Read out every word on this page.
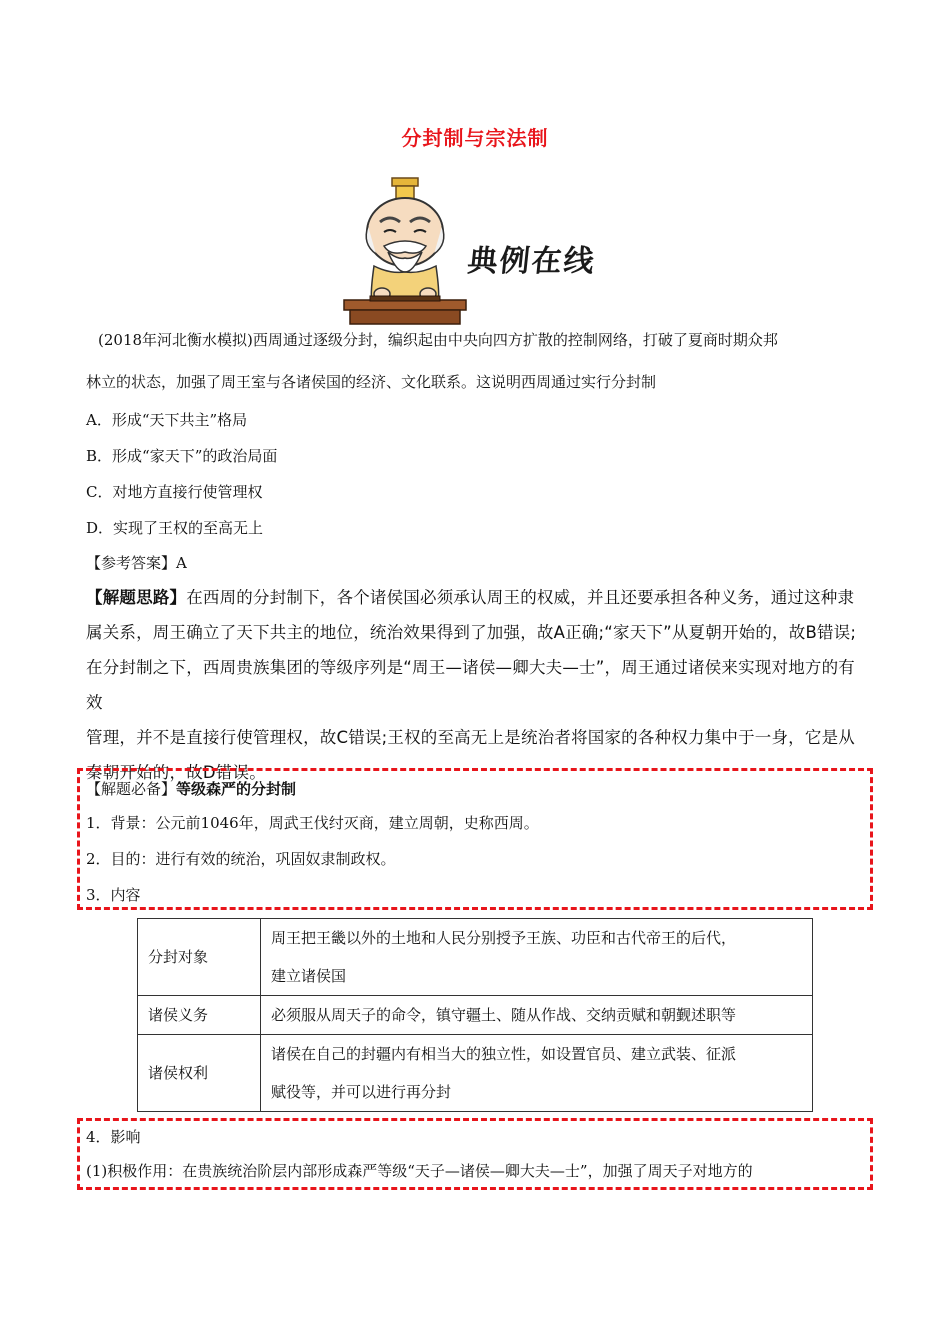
分封制与宗法制
典例在线
(2018年河北衡水模拟)西周通过逐级分封，编织起由中央向四方扩散的控制网络，打破了夏商时期众邦
林立的状态，加强了周王室与各诸侯国的经济、文化联系。这说明西周通过实行分封制
A．形成“天下共主”格局
B．形成“家天下”的政治局面
C．对地方直接行使管理权
D．实现了王权的至高无上
【参考答案】A
【解题思路】在西周的分封制下，各个诸侯国必须承认周王的权威，并且还要承担各种义务，通过这种隶
属关系，周王确立了天下共主的地位，统治效果得到了加强，故A正确;“家天下”从夏朝开始的，故B错误;
在分封制之下，西周贵族集团的等级序列是“周王—诸侯—卿大夫—士”，周王通过诸侯来实现对地方的有效
管理，并不是直接行使管理权，故C错误;王权的至高无上是统治者将国家的各种权力集中于一身，它是从
秦朝开始的，故D错误。
【解题必备】等级森严的分封制
1．背景：公元前1046年，周武王伐纣灭商，建立周朝，史称西周。
2．目的：进行有效的统治，巩固奴隶制政权。
3．内容
分封对象	周王把王畿以外的土地和人民分别授予王族、功臣和古代帝王的后代，
建立诸侯国

诸侯义务	必须服从周天子的命令，镇守疆土、随从作战、交纳贡赋和朝觐述职等
诸侯权利	诸侯在自己的封疆内有相当大的独立性，如设置官员、建立武装、征派
赋役等，并可以进行再分封
4．影响
(1)积极作用：在贵族统治阶层内部形成森严等级“天子—诸侯—卿大夫—士”，加强了周天子对地方的
